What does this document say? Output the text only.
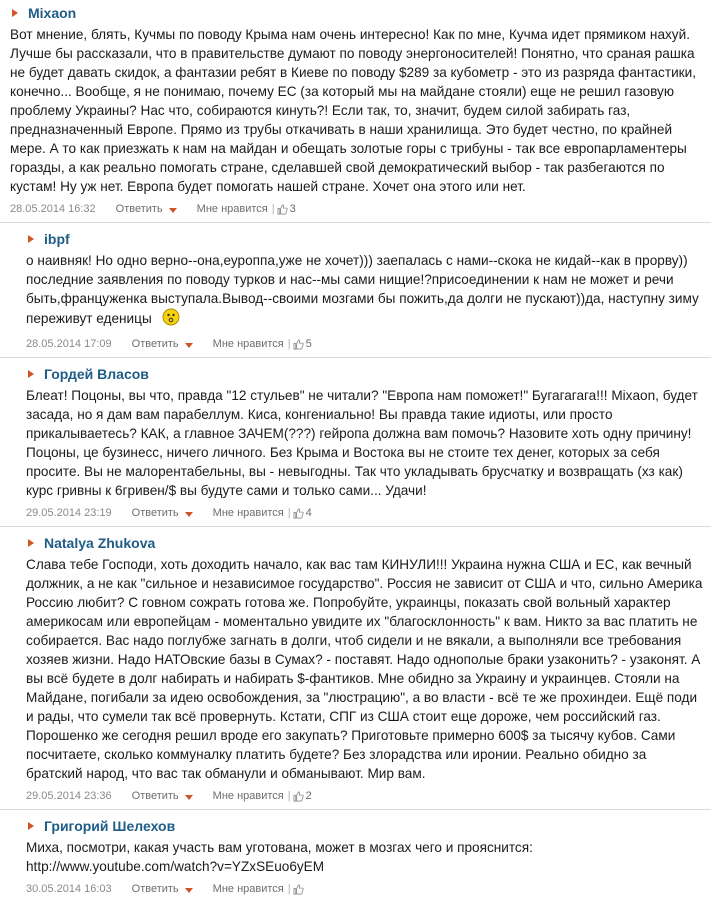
Mixaon
Вот мнение, блять, Кучмы по поводу Крыма нам очень интересно! Как по мне, Кучма идет прямиком нахуй. Лучше бы рассказали, что в правительстве думают по поводу энергоносителей! Понятно, что сраная рашка не будет давать скидок, а фантазии ребят в Киеве по поводу $289 за кубометр - это из разряда фантастики, конечно... Вообще, я не понимаю, почему ЕС (за который мы на майдане стояли) еще не решил газовую проблему Украины? Нас что, собираются кинуть?! Если так, то, значит, будем силой забирать газ, предназначенный Европе. Прямо из трубы откачивать в наши хранилища. Это будет честно, по крайней мере. А то как приезжать к нам на майдан и обещать золотые горы с трибуны - так все европарламентеры горазды, а как реально помогать стране, сделавшей свой демократический выбор - так разбегаются по кустам! Ну уж нет. Европа будет помогать нашей стране. Хочет она этого или нет.
28.05.2014 16:32 Ответить	Мне нравится | 3
ibpf
о наивняк! Но одно верно--она,еуроппа,уже не хочет))) заепалась с нами--скока не кидай--как в прорву)) последние заявления по поводу турков и нас--мы сами нищие!?присоединении к нам не может и речи быть,француженка выступала.Вывод--своими мозгами бы пожить,да долги не пускают))да, наступну зиму переживут еденицы
28.05.2014 17:09 Ответить	Мне нравится | 5
Гордей Власов
Блеат! Поцоны, вы что, правда "12 стульев" не читали? "Европа нам поможет!" Бугагагага!!! Mixaon, будет засада, но я дам вам парабеллум. Киса, конгениально! Вы правда такие идиоты, или просто прикалываетесь? КАК, а главное ЗАЧЕМ(???) гейропа должна вам помочь? Назовите хоть одну причину! Поцоны, це бузинесс, ничего личного. Без Крыма и Востока вы не стоите тех денег, которых за себя просите. Вы не малорентабельны, вы - невыгодны. Так что укладывать брусчатку и возвращать (хз как) курс гривны к 6гривен/$ вы будуте сами и только сами... Удачи!
29.05.2014 23:19 Ответить	Мне нравится | 4
Natalya Zhukova
Слава тебе Господи, хоть доходить начало, как вас там КИНУЛИ!!! Украина нужна США и ЕС, как вечный должник, а не как "сильное и независимое государство". Россия не зависит от США и что, сильно Америка Россию любит? С говном сожрать готова же. Попробуйте, украинцы, показать свой вольный характер америкосам или европейцам - моментально увидите их "благосклонность" к вам. Никто за вас платить не собирается. Вас надо поглубже загнать в долги, чтоб сидели и не вякали, а выполняли все требования хозяев жизни. Надо НАТОвские базы в Сумах? - поставят. Надо однополые браки узаконить? - узаконят. А вы всё будете в долг набирать и набирать $-фантиков. Мне обидно за Украину и украинцев. Стояли на Майдане, погибали за идею освобождения, за "люстрацию", а во власти - всё те же прохиндеи. Ещё поди и рады, что сумели так всё провернуть. Кстати, СПГ из США стоит еще дороже, чем российский газ. Порошенко же сегодня решил вроде его закупать? Приготовьте примерно 600$ за тысячу кубов. Сами посчитаете, сколько коммуналку платить будете? Без злорадства или иронии. Реально обидно за братский народ, что вас так обманули и обманывают. Мир вам.
29.05.2014 23:36 Ответить	Мне нравится | 2
Григорий Шелехов
Миха, посмотри, какая участь вам уготована, может в мозгах чего и прояснится:
http://www.youtube.com/watch?v=YZxSEuo6yEM
30.05.2014 16:03 Ответить	Мне нравится |
